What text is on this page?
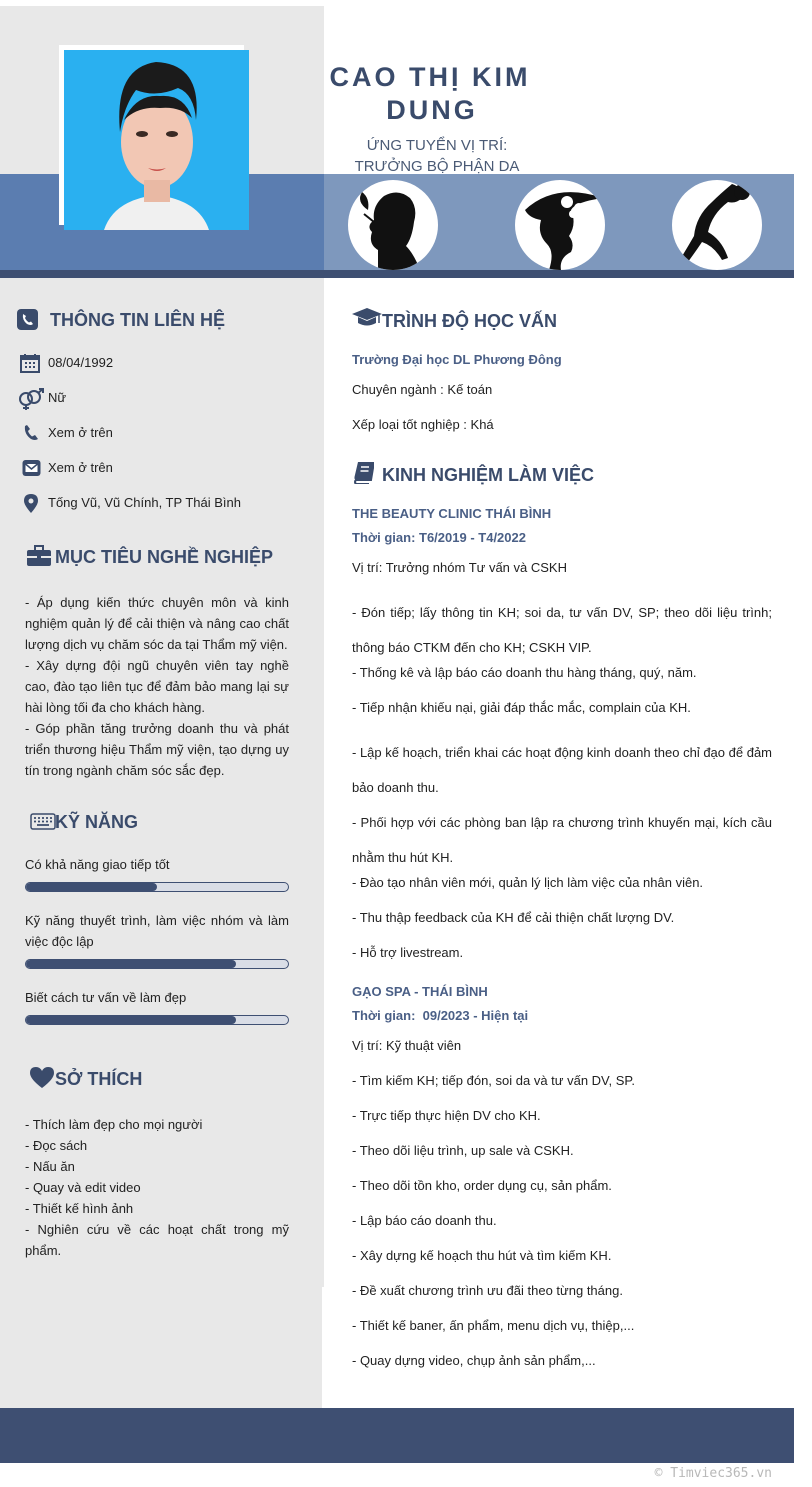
CAO THỊ KIM
DUNG
ỨNG TUYỂN VỊ TRÍ:
TRƯỞNG BỘ PHẬN DA
THÔNG TIN LIÊN HỆ
08/04/1992
Nữ
Xem ở trên
Xem ở trên
Tống Vũ, Vũ Chính, TP Thái Bình
MỤC TIÊU NGHỀ NGHIỆP
- Áp dụng kiến thức chuyên môn và kinh nghiệm quản lý để cải thiện và nâng cao chất lượng dịch vụ chăm sóc da tại Thẩm mỹ viện.
- Xây dựng đội ngũ chuyên viên tay nghề cao, đào tạo liên tục để đảm bảo mang lại sự hài lòng tối đa cho khách hàng.
- Góp phần tăng trưởng doanh thu và phát triển thương hiệu Thẩm mỹ viện, tạo dựng uy tín trong ngành chăm sóc sắc đẹp.
KỸ NĂNG
Có khả năng giao tiếp tốt
Kỹ năng thuyết trình, làm việc nhóm và làm việc độc lập
Biết cách tư vấn về làm đẹp
SỞ THÍCH
- Thích làm đẹp cho mọi người
- Đọc sách
- Nấu ăn
- Quay và edit video
- Thiết kế hình ảnh
- Nghiên cứu về các hoạt chất trong mỹ phẩm.
TRÌNH ĐỘ HỌC VẤN
Trường Đại học DL Phương Đông
Chuyên ngành : Kế toán
Xếp loại tốt nghiệp : Khá
KINH NGHIỆM LÀM VIỆC
THE BEAUTY CLINIC THÁI BÌNH
Thời gian: T6/2019 - T4/2022
Vị trí: Trưởng nhóm Tư vấn và CSKH
- Đón tiếp; lấy thông tin KH; soi da, tư vấn DV, SP; theo dõi liệu trình; thông báo CTKM đến cho KH; CSKH VIP.
- Thống kê và lập báo cáo doanh thu hàng tháng, quý, năm.
- Tiếp nhận khiếu nại, giải đáp thắc mắc, complain của KH.
- Lập kế hoạch, triển khai các hoạt động kinh doanh theo chỉ đạo để đảm bảo doanh thu.
- Phối hợp với các phòng ban lập ra chương trình khuyến mại, kích cầu nhằm thu hút KH.
- Đào tạo nhân viên mới, quản lý lịch làm việc của nhân viên.
- Thu thập feedback của KH để cải thiện chất lượng DV.
- Hỗ trợ livestream.
GẠO SPA - THÁI BÌNH
Thời gian:  09/2023 - Hiện tại
Vị trí: Kỹ thuật viên
- Tìm kiếm KH; tiếp đón, soi da và tư vấn DV, SP.
- Trực tiếp thực hiện DV cho KH.
- Theo dõi liệu trình, up sale và CSKH.
- Theo dõi tồn kho, order dụng cụ, sản phẩm.
- Lập báo cáo doanh thu.
- Xây dựng kế hoạch thu hút và tìm kiếm KH.
- Đề xuất chương trình ưu đãi theo từng tháng.
- Thiết kế baner, ấn phẩm, menu dịch vụ, thiệp,...
- Quay dựng video, chụp ảnh sản phẩm,...
© Timviec365.vn
